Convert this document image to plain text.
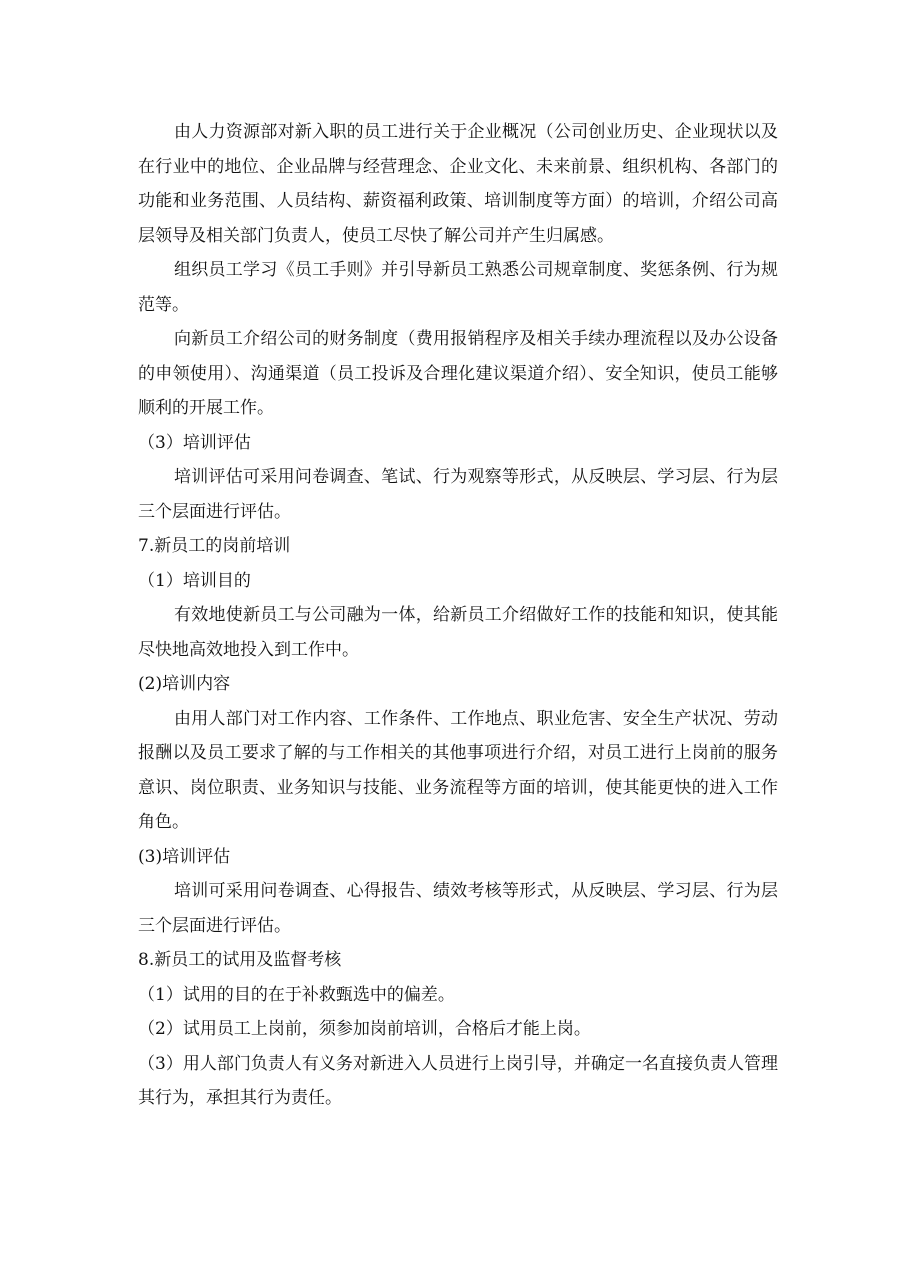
由人力资源部对新入职的员工进行关于企业概况（公司创业历史、企业现状以及在行业中的地位、企业品牌与经营理念、企业文化、未来前景、组织机构、各部门的功能和业务范围、人员结构、薪资福利政策、培训制度等方面）的培训，介绍公司高层领导及相关部门负责人，使员工尽快了解公司并产生归属感。

组织员工学习《员工手则》并引导新员工熟悉公司规章制度、奖惩条例、行为规范等。

向新员工介绍公司的财务制度（费用报销程序及相关手续办理流程以及办公设备的申领使用）、沟通渠道（员工投诉及合理化建议渠道介绍）、安全知识，使员工能够顺利的开展工作。

（3）培训评估

培训评估可采用问卷调查、笔试、行为观察等形式，从反映层、学习层、行为层三个层面进行评估。

7.新员工的岗前培训

（1）培训目的

有效地使新员工与公司融为一体，给新员工介绍做好工作的技能和知识，使其能尽快地高效地投入到工作中。

(2)培训内容

由用人部门对工作内容、工作条件、工作地点、职业危害、安全生产状况、劳动报酬以及员工要求了解的与工作相关的其他事项进行介绍，对员工进行上岗前的服务意识、岗位职责、业务知识与技能、业务流程等方面的培训，使其能更快的进入工作角色。

(3)培训评估

培训可采用问卷调查、心得报告、绩效考核等形式，从反映层、学习层、行为层三个层面进行评估。

8.新员工的试用及监督考核

（1）试用的目的在于补救甄选中的偏差。

（2）试用员工上岗前，须参加岗前培训，合格后才能上岗。

（3）用人部门负责人有义务对新进入人员进行上岗引导，并确定一名直接负责人管理其行为，承担其行为责任。
